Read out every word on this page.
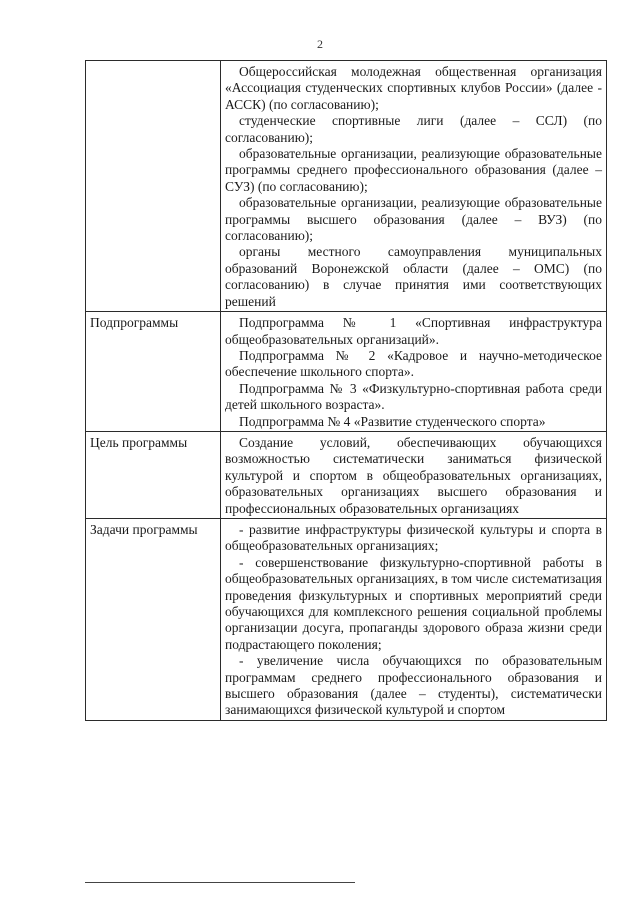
2

	Общероссийская молодежная общественная организация «Ассоциация студенческих спортивных клубов России» (далее - АССК) (по согласованию);

студенческие спортивные лиги (далее – ССЛ) (по согласованию);

образовательные организации, реализующие образовательные программы среднего профессионального образования (далее – СУЗ) (по согласованию);

образовательные организации, реализующие образовательные программы высшего образования (далее – ВУЗ) (по согласованию);

органы местного самоуправления муниципальных образований Воронежской области (далее – ОМС) (по согласованию) в случае принятия ими соответствующих решений

Подпрограммы	Подпрограмма № 1 «Спортивная инфраструктура общеобразовательных организаций».

Подпрограмма № 2 «Кадровое и научно-методическое обеспечение школьного спорта».

Подпрограмма № 3 «Физкультурно-спортивная работа среди детей школьного возраста».

Подпрограмма № 4 «Развитие студенческого спорта»

Цель программы	Создание условий, обеспечивающих обучающихся возможностью систематически заниматься физической культурой и спортом в общеобразовательных организациях, образовательных организациях высшего образования и профессиональных образовательных организациях

Задачи программы	- развитие инфраструктуры физической культуры и спорта в общеобразовательных организациях;

- совершенствование физкультурно-спортивной работы в общеобразовательных организациях, в том числе систематизация проведения физкультурных и спортивных мероприятий среди обучающихся для комплексного решения социальной проблемы организации досуга, пропаганды здорового образа жизни среди подрастающего поколения;

- увеличение числа обучающихся по образовательным программам среднего профессионального образования и высшего образования (далее – студенты), систематически занимающихся физической культурой и спортом
